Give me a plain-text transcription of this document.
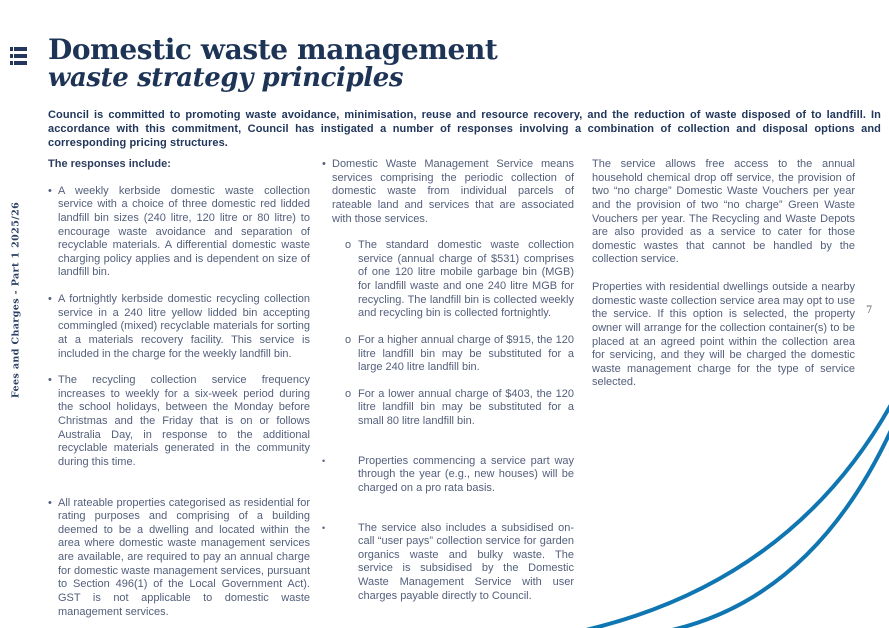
Domestic waste management
waste strategy principles
Council is committed to promoting waste avoidance, minimisation, reuse and resource recovery, and the reduction of waste disposed of to landfill. In accordance with this commitment, Council has instigated a number of responses involving a combination of collection and disposal options and corresponding pricing structures.
The responses include:
• A weekly kerbside domestic waste collection service with a choice of three domestic red lidded landfill bin sizes (240 litre, 120 litre or 80 litre) to encourage waste avoidance and separation of recyclable materials. A differential domestic waste charging policy applies and is dependent on size of landfill bin.
• A fortnightly kerbside domestic recycling collection service in a 240 litre yellow lidded bin accepting commingled (mixed) recyclable materials for sorting at a materials recovery facility. This service is included in the charge for the weekly landfill bin.
• The recycling collection service frequency increases to weekly for a six-week period during the school holidays, between the Monday before Christmas and the Friday that is on or follows Australia Day, in response to the additional recyclable materials generated in the community during this time.
• All rateable properties categorised as residential for rating purposes and comprising of a building deemed to be a dwelling and located within the area where domestic waste management services are available, are required to pay an annual charge for domestic waste management services, pursuant to Section 496(1) of the Local Government Act). GST is not applicable to domestic waste management services.
• Domestic Waste Management Service means services comprising the periodic collection of domestic waste from individual parcels of rateable land and services that are associated with those services.
o The standard domestic waste collection service (annual charge of $531) comprises of one 120 litre mobile garbage bin (MGB) for landfill waste and one 240 litre MGB for recycling. The landfill bin is collected weekly and recycling bin is collected fortnightly.
o For a higher annual charge of $915, the 120 litre landfill bin may be substituted for a large 240 litre landfill bin.
o For a lower annual charge of $403, the 120 litre landfill bin may be substituted for a small 80 litre landfill bin.
•	Properties commencing a service part way through the year (e.g., new houses) will be charged on a pro rata basis.
•	The service also includes a subsidised on-call “user pays” collection service for garden organics waste and bulky waste. The service is subsidised by the Domestic Waste Management Service with user charges payable directly to Council.

The service allows free access to the annual household chemical drop off service, the provision of two “no charge” Domestic Waste Vouchers per year and the provision of two “no charge” Green Waste Vouchers per year. The Recycling and Waste Depots are also provided as a service to cater for those domestic wastes that cannot be handled by the collection service.

Properties with residential dwellings outside a nearby domestic waste collection service area may opt to use the service. If this option is selected, the property owner will arrange for the collection container(s) to be placed at an agreed point within the collection area for servicing, and they will be charged the domestic waste management charge for the type of service selected.

Fees and Charges - Part 1 2025/26	7
